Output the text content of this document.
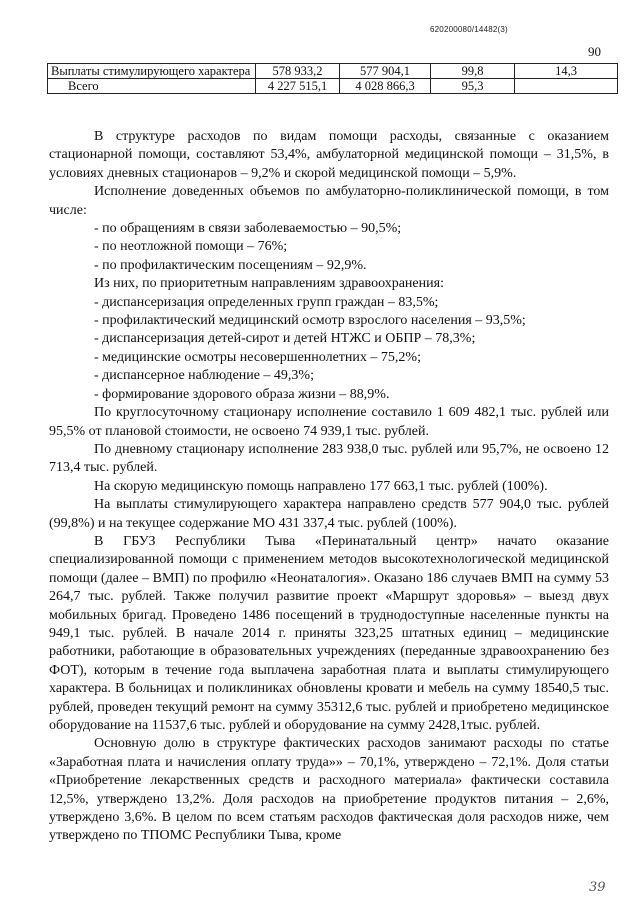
620200080/14482(3)
90
Выплаты стимулирующего характера	578 933,2	577 904,1	99,8	14,3
Всего	4 227 515,1	4 028 866,3	95,3	

В структуре расходов по видам помощи расходы, связанные с оказанием стационарной помощи, составляют 53,4%, амбулаторной медицинской помощи – 31,5%, в условиях дневных стационаров – 9,2% и скорой медицинской помощи – 5,9%.

Исполнение доведенных объемов по амбулаторно-поликлинической помощи, в том числе:

- по обращениям в связи заболеваемостью – 90,5%;

- по неотложной помощи – 76%;

- по профилактическим посещениям – 92,9%.

Из них, по приоритетным направлениям здравоохранения:

- диспансеризация определенных групп граждан – 83,5%;

- профилактический медицинский осмотр взрослого населения – 93,5%;

- диспансеризация детей-сирот и детей НТЖС и ОБПР – 78,3%;

- медицинские осмотры несовершеннолетних – 75,2%;

- диспансерное наблюдение – 49,3%;

- формирование здорового образа жизни – 88,9%.

По круглосуточному стационару исполнение составило 1 609 482,1 тыс. рублей или 95,5% от плановой стоимости, не освоено 74 939,1 тыс. рублей.

По дневному стационару исполнение 283 938,0 тыс. рублей или 95,7%, не освоено 12 713,4 тыс. рублей.

На скорую медицинскую помощь направлено 177 663,1 тыс. рублей (100%).

На выплаты стимулирующего характера направлено средств 577 904,0 тыс. рублей (99,8%) и на текущее содержание МО 431 337,4 тыс. рублей (100%).

В ГБУЗ Республики Тыва «Перинатальный центр» начато оказание специализированной помощи с применением методов высокотехнологической медицинской помощи (далее – ВМП) по профилю «Неонаталогия». Оказано 186 случаев ВМП на сумму 53 264,7 тыс. рублей. Также получил развитие проект «Маршрут здоровья» – выезд двух мобильных бригад. Проведено 1486 посещений в труднодоступные населенные пункты на 949,1 тыс. рублей. В начале 2014 г. приняты 323,25 штатных единиц – медицинские работники, работающие в образовательных учреждениях (переданные здравоохранению без ФОТ), которым в течение года выплачена заработная плата и выплаты стимулирующего характера. В больницах и поликлиниках обновлены кровати и мебель на сумму 18540,5 тыс. рублей, проведен текущий ремонт на сумму 35312,6 тыс. рублей и приобретено медицинское оборудование на 11537,6 тыс. рублей и оборудование на сумму 2428,1тыс. рублей.

Основную долю в структуре фактических расходов занимают расходы по статье «Заработная плата и начисления оплату труда»» – 70,1%, утверждено – 72,1%. Доля статьи «Приобретение лекарственных средств и расходного материала» фактически составила 12,5%, утверждено 13,2%. Доля расходов на приобретение продуктов питания – 2,6%, утверждено 3,6%. В целом по всем статьям расходов фактическая доля расходов ниже, чем утверждено по ТПОМС Республики Тыва, кроме

39
